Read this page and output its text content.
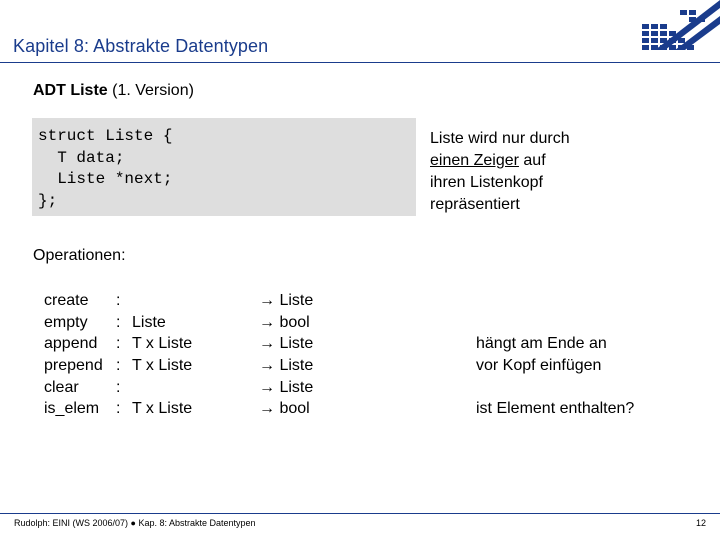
Kapitel 8: Abstrakte Datentypen
ADT Liste (1. Version)
struct Liste {
T data;
Liste *next;
};
Liste wird nur durch
einen Zeiger auf
ihren Listenkopf
repräsentiert
Operationen:
create :	→ Liste
empty : Liste	→ bool
append : T x Liste	→ Liste	hängt am Ende an
prepend : T x Liste	→ Liste	vor Kopf einfügen
clear :	→ Liste
is_elem : T x Liste	→ bool	ist Element enthalten?
Rudolph: EINI (WS 2006/07) ● Kap. 8: Abstrakte Datentypen	12
